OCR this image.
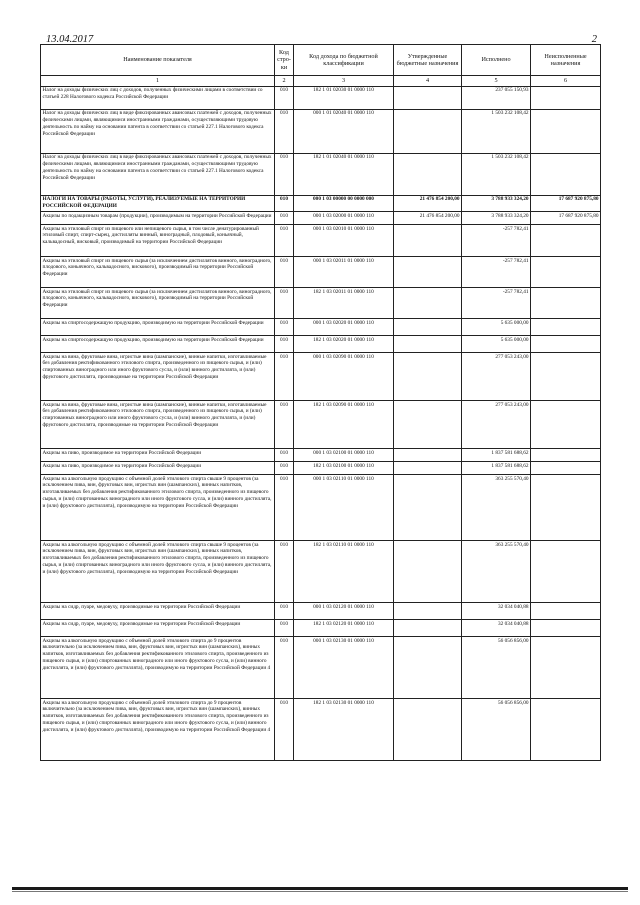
13.04.2017	2
Наименование показателя	Код стро-ки	Код дохода по бюджетной классификации	Утвержденные бюджетные назначения	Исполнено	Неисполненные назначения
1	2	3	4	5	6
Налог на доходы физических лиц с доходов, полученных физическими лицами в соответствии со статьей 228 Налогового кодекса Российской Федерации	010	182 1 01 02030 01 0000 110		237 055 150,93	
Налог на доходы физических лиц в виде фиксированных авансовых платежей с доходов, полученных физическими лицами, являющимися иностранными гражданами, осуществляющими трудовую деятельность по найму на основании патента в соответствии со статьей 227.1 Налогового кодекса Российской Федерации	010	000 1 01 02040 01 0000 110		1 503 232 108,42	
Налог на доходы физических лиц в виде фиксированных авансовых платежей с доходов, полученных физическими лицами, являющимися иностранными гражданами, осуществляющими трудовую деятельность по найму на основании патента в соответствии со статьей 227.1 Налогового кодекса Российской Федерации	010	182 1 01 02040 01 0000 110		1 503 232 108,42	
НАЛОГИ НА ТОВАРЫ (РАБОТЫ, УСЛУГИ), РЕАЛИЗУЕМЫЕ НА ТЕРРИТОРИИ РОССИЙСКОЙ ФЕДЕРАЦИИ	010	000 1 03 00000 00 0000 000	21 476 854 200,00	3 788 933 324,20	17 687 920 875,80
Акцизы по подакцизным товарам (продукции), производимым на территории Российской Федерации	010	000 1 03 02000 01 0000 110	21 476 854 200,00	3 788 933 324,20	17 687 920 875,80
Акцизы на этиловый спирт из пищевого или непищевого сырья, в том числе денатурированный этиловый спирт, спирт-сырец, дистилляты винный, виноградный, плодовый, коньячный, кальвадосный, висковый, производимый на территории Российской Федерации	010	000 1 03 02010 01 0000 110		-257 782,41	
Акцизы на этиловый спирт из пищевого сырья (за исключением дистиллятов винного, виноградного, плодового, коньячного, кальвадосного, вискового), производимый на территории Российской Федерации	010	000 1 03 02011 01 0000 110		-257 782,41	
Акцизы на этиловый спирт из пищевого сырья (за исключением дистиллятов винного, виноградного, плодового, коньячного, кальвадосного, вискового), производимый на территории Российской Федерации	010	182 1 03 02011 01 0000 110		-257 782,41	
Акцизы на спиртосодержащую продукцию, производимую на территории Российской Федерации	010	000 1 03 02020 01 0000 110		5 635 000,00	
Акцизы на спиртосодержащую продукцию, производимую на территории Российской Федерации	010	182 1 03 02020 01 0000 110		5 635 000,00	
Акцизы на вина, фруктовые вина, игристые вина (шампанские), винные напитки, изготавливаемые без добавления ректификованного этилового спирта, произведенного из пищевого сырья, и (или) спиртованных виноградного или иного фруктового сусла, и (или) винного дистиллята, и (или) фруктового дистиллята, производимые на территории Российской Федерации	010	000 1 03 02090 01 0000 110		277 053 243,00	
Акцизы на вина, фруктовые вина, игристые вина (шампанские), винные напитки, изготавливаемые без добавления ректификованного этилового спирта, произведенного из пищевого сырья, и (или) спиртованных виноградного или иного фруктового сусла, и (или) винного дистиллята, и (или) фруктового дистиллята, производимые на территории Российской Федерации	010	182 1 03 02090 01 0000 110		277 053 243,00	
Акцизы на пиво, производимое на территории Российской Федерации	010	000 1 03 02100 01 0000 110		1 837 581 688,62	
Акцизы на пиво, производимое на территории Российской Федерации	010	182 1 03 02100 01 0000 110		1 837 581 688,62	
Акцизы на алкогольную продукцию с объемной долей этилового спирта свыше 9 процентов (за исключением пива, вин, фруктовых вин, игристых вин (шампанских), винных напитков, изготавливаемых без добавления ректификованного этилового спирта, произведенного из пищевого сырья, и (или) спиртованных виноградного или иного фруктового сусла, и (или) винного дистиллята, и (или) фруктового дистиллята), производимую на территории Российской Федерации	010	000 1 03 02110 01 0000 110		363 255 570,40	
Акцизы на алкогольную продукцию с объемной долей этилового спирта свыше 9 процентов (за исключением пива, вин, фруктовых вин, игристых вин (шампанских), винных напитков, изготавливаемых без добавления ректификованного этилового спирта, произведенного из пищевого сырья, и (или) спиртованных виноградного или иного фруктового сусла, и (или) винного дистиллята, и (или) фруктового дистиллята), производимую на территории Российской Федерации	010	182 1 03 02110 01 0000 110		363 255 570,40	
Акцизы на сидр, пуаре, медовуху, производимые на территории Российской Федерации	010	000 1 03 02120 01 0000 110		32 034 040,88	
Акцизы на сидр, пуаре, медовуху, производимые на территории Российской Федерации	010	182 1 03 02120 01 0000 110		32 034 040,88	
Акцизы на алкогольную продукцию с объемной долей этилового спирта до 9 процентов включительно (за исключением пива, вин, фруктовых вин, игристых вин (шампанских), винных напитков, изготавливаемых без добавления ректификованного этилового спирта, произведенного из пищевого сырья, и (или) спиртованных виноградного или иного фруктового сусла, и (или) винного дистиллята, и (или) фруктового дистиллята), производимую на территории Российской Федерации 4	010	000 1 03 02130 01 0000 110		56 056 856,00	
Акцизы на алкогольную продукцию с объемной долей этилового спирта до 9 процентов включительно (за исключением пива, вин, фруктовых вин, игристых вин (шампанских), винных напитков, изготавливаемых без добавления ректификованного этилового спирта, произведенного из пищевого сырья, и (или) спиртованных виноградного или иного фруктового сусла, и (или) винного дистиллята, и (или) фруктового дистиллята), производимую на территории Российской Федерации 4	010	182 1 03 02130 01 0000 110		56 056 856,00	
